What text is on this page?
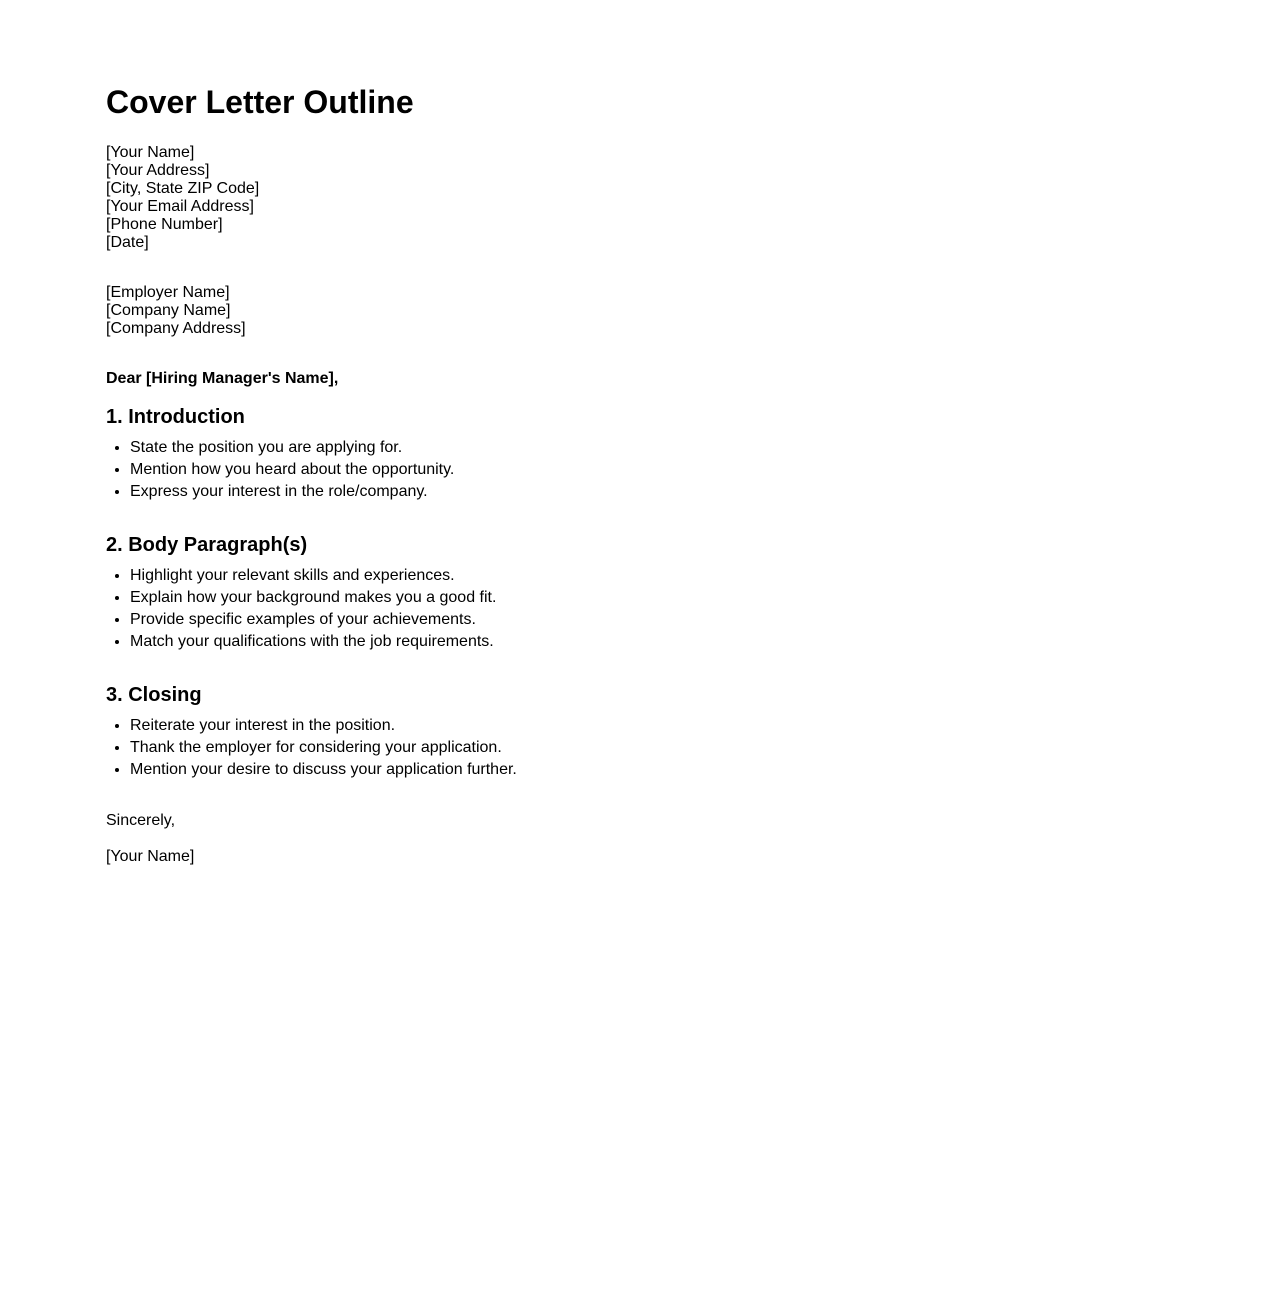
Cover Letter Outline
[Your Name]
[Your Address]
[City, State ZIP Code]
[Your Email Address]
[Phone Number]
[Date]
[Employer Name]
[Company Name]
[Company Address]
Dear [Hiring Manager's Name],
1. Introduction
• State the position you are applying for.
• Mention how you heard about the opportunity.
• Express your interest in the role/company.
2. Body Paragraph(s)
• Highlight your relevant skills and experiences.
• Explain how your background makes you a good fit.
• Provide specific examples of your achievements.
• Match your qualifications with the job requirements.
3. Closing
• Reiterate your interest in the position.
• Thank the employer for considering your application.
• Mention your desire to discuss your application further.
Sincerely,
[Your Name]
